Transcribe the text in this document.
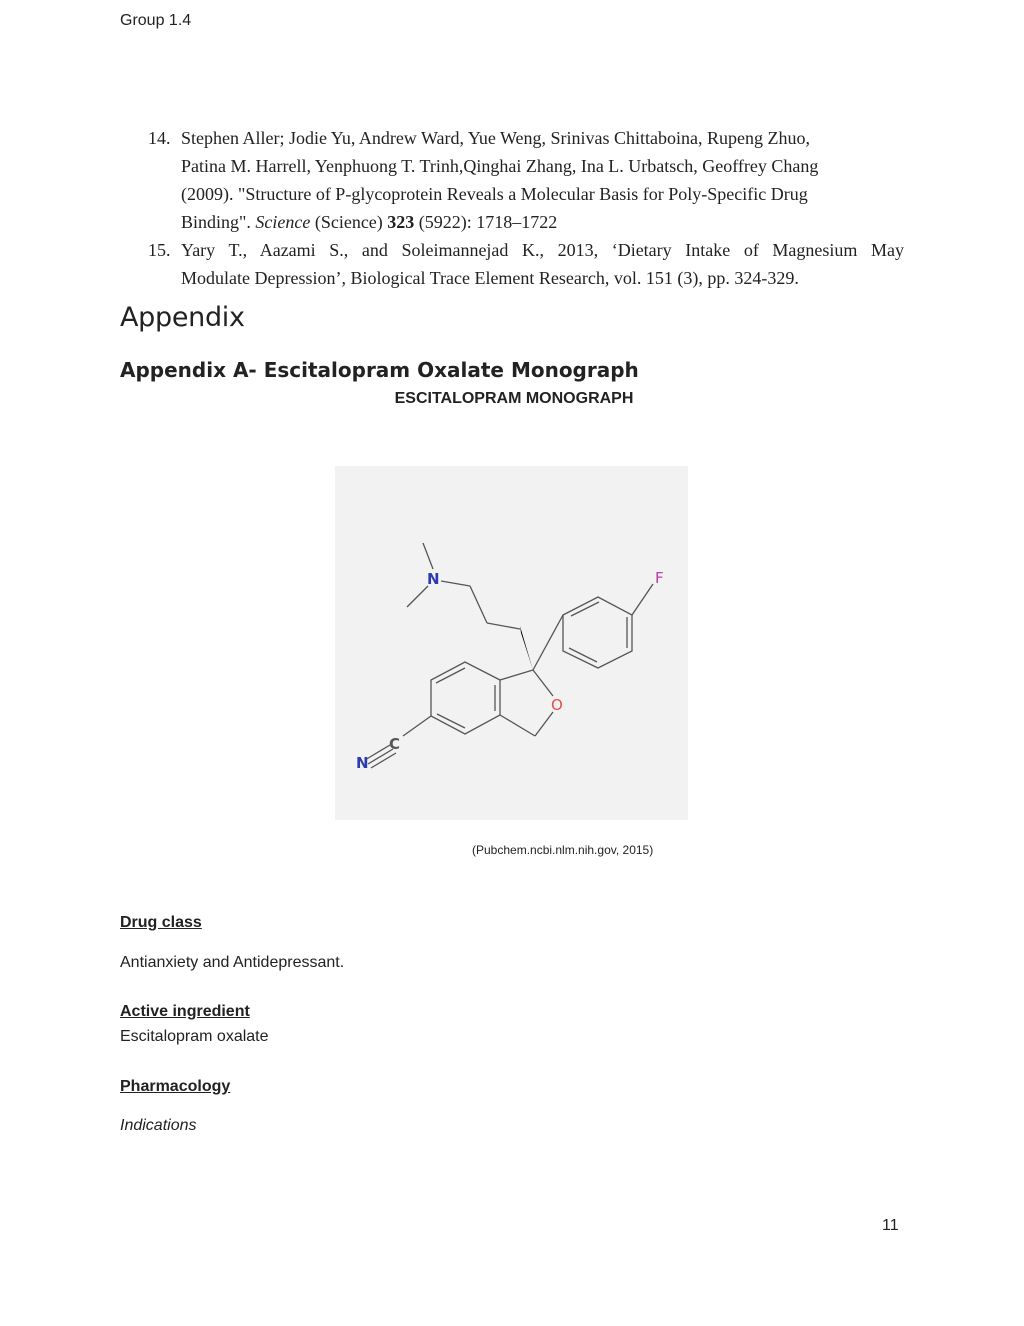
Group 1.4
14. Stephen Aller; Jodie Yu, Andrew Ward, Yue Weng, Srinivas Chittaboina, Rupeng Zhuo,
Patina M. Harrell, Yenphuong T. Trinh,Qinghai Zhang, Ina L. Urbatsch, Geoffrey Chang
(2009). "Structure of P-glycoprotein Reveals a Molecular Basis for Poly-Specific Drug
Binding". Science (Science) 323 (5922): 1718–1722
15. Yary T., Aazami S., and Soleimannejad K., 2013, ‘Dietary Intake of Magnesium May
Modulate Depression’, Biological Trace Element Research, vol. 151 (3), pp. 324-329.
Appendix
Appendix A- Escitalopram Oxalate Monograph
ESCITALOPRAM MONOGRAPH
N	F
O
C
N
(Pubchem.ncbi.nlm.nih.gov, 2015)
Drug class
Antianxiety and Antidepressant.
Active ingredient
Escitalopram oxalate
Pharmacology
Indications
11
